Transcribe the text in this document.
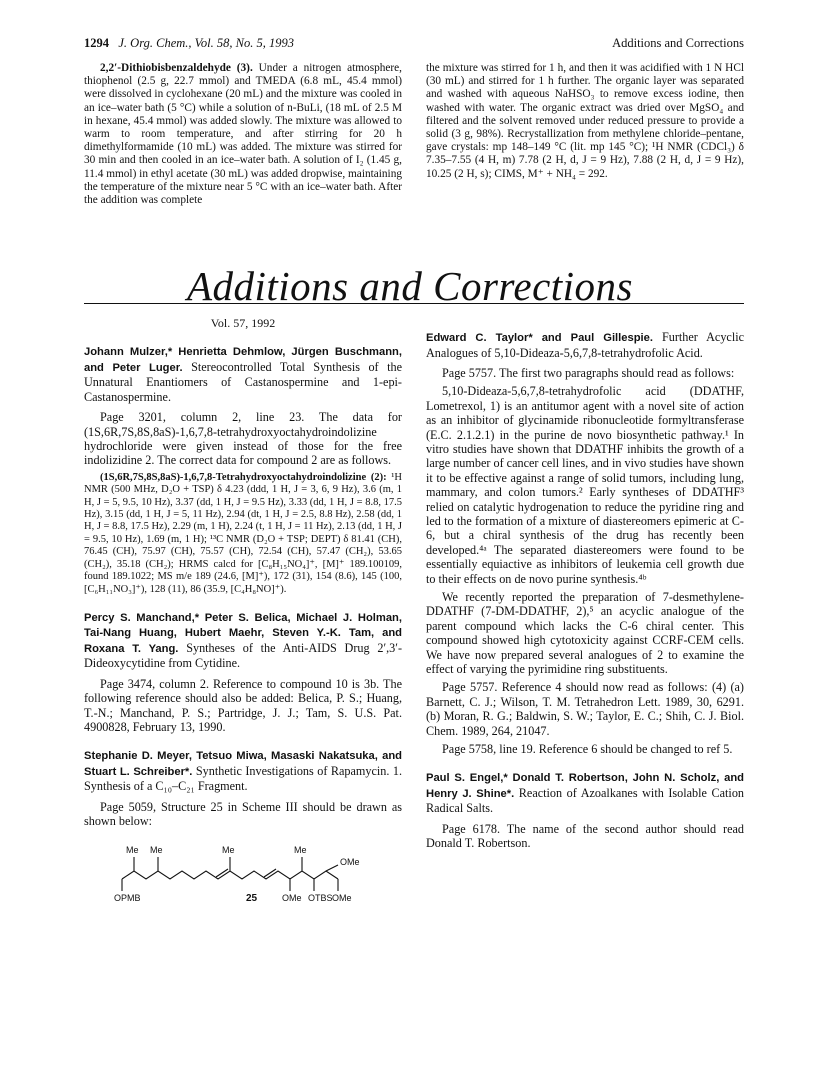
1294 J. Org. Chem., Vol. 58, No. 5, 1993	Additions and Corrections

2,2′-Dithiobisbenzaldehyde (3). Under a nitrogen atmosphere, thiophenol (2.5 g, 22.7 mmol) and TMEDA (6.8 mL, 45.4 mmol) were dissolved in cyclohexane (20 mL) and the mixture was cooled in an ice–water bath (5 °C) while a solution of n-BuLi, (18 mL of 2.5 M in hexane, 45.4 mmol) was added slowly. The mixture was allowed to warm to room temperature, and after stirring for 20 h dimethylformamide (10 mL) was added. The mixture was stirred for 30 min and then cooled in an ice–water bath. A solution of I₂ (1.45 g, 11.4 mmol) in ethyl acetate (30 mL) was added dropwise, maintaining the temperature of the mixture near 5 °C with an ice–water bath. After the addition was complete

the mixture was stirred for 1 h, and then it was acidified with 1 N HCl (30 mL) and stirred for 1 h further. The organic layer was separated and washed with aqueous NaHSO₃ to remove excess iodine, then washed with water. The organic extract was dried over MgSO₄ and filtered and the solvent removed under reduced pressure to provide a solid (3 g, 98%). Recrystallization from methylene chloride–pentane, gave crystals: mp 148–149 °C (lit. mp 145 °C); ¹H NMR (CDCl₃) δ 7.35–7.55 (4 H, m) 7.78 (2 H, d, J = 9 Hz), 7.88 (2 H, d, J = 9 Hz), 10.25 (2 H, s); CIMS, M⁺ + NH₄ = 292.

Additions and Corrections
Vol. 57, 1992
Johann Mulzer,* Henrietta Dehmlow, Jürgen Buschmann, and Peter Luger. Stereocontrolled Total Synthesis of the Unnatural Enantiomers of Castanospermine and 1-epi-Castanospermine.

Page 3201, column 2, line 23. The data for (1S,6R,7S,8S,8aS)-1,6,7,8-tetrahydroxyoctahydroindolizine hydrochloride were given instead of those for the free indolizidine 2. The correct data for compound 2 are as follows.

(1S,6R,7S,8S,8aS)-1,6,7,8-Tetrahydroxyoctahydroindolizine (2): ¹H NMR (500 MHz, D₂O + TSP) δ 4.23 (ddd, 1 H, J = 3, 6, 9 Hz), 3.6 (m, 1 H, J = 5, 9.5, 10 Hz), 3.37 (dd, 1 H, J = 9.5 Hz), 3.33 (dd, 1 H, J = 8.8, 17.5 Hz), 3.15 (dd, 1 H, J = 5, 11 Hz), 2.94 (dt, 1 H, J = 2.5, 8.8 Hz), 2.58 (dd, 1 H, J = 8.8, 17.5 Hz), 2.29 (m, 1 H), 2.24 (t, 1 H, J = 11 Hz), 2.13 (dd, 1 H, J = 9.5, 10 Hz), 1.69 (m, 1 H); ¹³C NMR (D₂O + TSP; DEPT) δ 81.41 (CH), 76.45 (CH), 75.97 (CH), 75.57 (CH), 72.54 (CH), 57.47 (CH₂), 53.65 (CH₂), 35.18 (CH₂); HRMS calcd for [C₈H₁₅NO₄]⁺, [M]⁺ 189.100109, found 189.1022; MS m/e 189 (24.6, [M]⁺), 172 (31), 154 (8.6), 145 (100, [C₆H₁₁NO₃]⁺), 128 (11), 86 (35.9, [C₄H₈NO]⁺).

Percy S. Manchand,* Peter S. Belica, Michael J. Holman, Tai-Nang Huang, Hubert Maehr, Steven Y.-K. Tam, and Roxana T. Yang. Syntheses of the Anti-AIDS Drug 2′,3′-Dideoxycytidine from Cytidine.

Page 3474, column 2. Reference to compound 10 is 3b. The following reference should also be added: Belica, P. S.; Huang, T.-N.; Manchand, P. S.; Partridge, J. J.; Tam, S. U.S. Pat. 4900828, February 13, 1990.

Stephanie D. Meyer, Tetsuo Miwa, Masaski Nakatsuka, and Stuart L. Schreiber*. Synthetic Investigations of Rapamycin. 1. Synthesis of a C₁₀–C₂₁ Fragment.

Page 5059, Structure 25 in Scheme III should be drawn as shown below:

Me Me	Me	Me
OMe
OPMB	OMe OTBS OMe
25
Edward C. Taylor* and Paul Gillespie. Further Acyclic Analogues of 5,10-Dideaza-5,6,7,8-tetrahydrofolic Acid.

Page 5757. The first two paragraphs should read as follows:

5,10-Dideaza-5,6,7,8-tetrahydrofolic acid (DDATHF, Lometrexol, 1) is an antitumor agent with a novel site of action as an inhibitor of glycinamide ribonucleotide formyltransferase (E.C. 2.1.2.1) in the purine de novo biosynthetic pathway.¹ In vitro studies have shown that DDATHF inhibits the growth of a large number of cancer cell lines, and in vivo studies have shown it to be effective against a range of solid tumors, including lung, mammary, and colon tumors.² Early syntheses of DDATHF³ relied on catalytic hydrogenation to reduce the pyridine ring and led to the formation of a mixture of diastereomers epimeric at C-6, but a chiral synthesis of the drug has recently been developed.⁴ᵃ The separated diastereomers were found to be essentially equiactive as inhibitors of leukemia cell growth due to their effects on de novo purine synthesis.⁴ᵇ

We recently reported the preparation of 7-desmethylene-DDATHF (7-DM-DDATHF, 2),⁵ an acyclic analogue of the parent compound which lacks the C-6 chiral center. This compound showed high cytotoxicity against CCRF-CEM cells. We have now prepared several analogues of 2 to examine the effect of varying the pyrimidine ring substituents.

Page 5757. Reference 4 should now read as follows: (4) (a) Barnett, C. J.; Wilson, T. M. Tetrahedron Lett. 1989, 30, 6291. (b) Moran, R. G.; Baldwin, S. W.; Taylor, E. C.; Shih, C. J. Biol. Chem. 1989, 264, 21047.

Page 5758, line 19. Reference 6 should be changed to ref 5.

Paul S. Engel,* Donald T. Robertson, John N. Scholz, and Henry J. Shine*. Reaction of Azoalkanes with Isolable Cation Radical Salts.

Page 6178. The name of the second author should read Donald T. Robertson.
